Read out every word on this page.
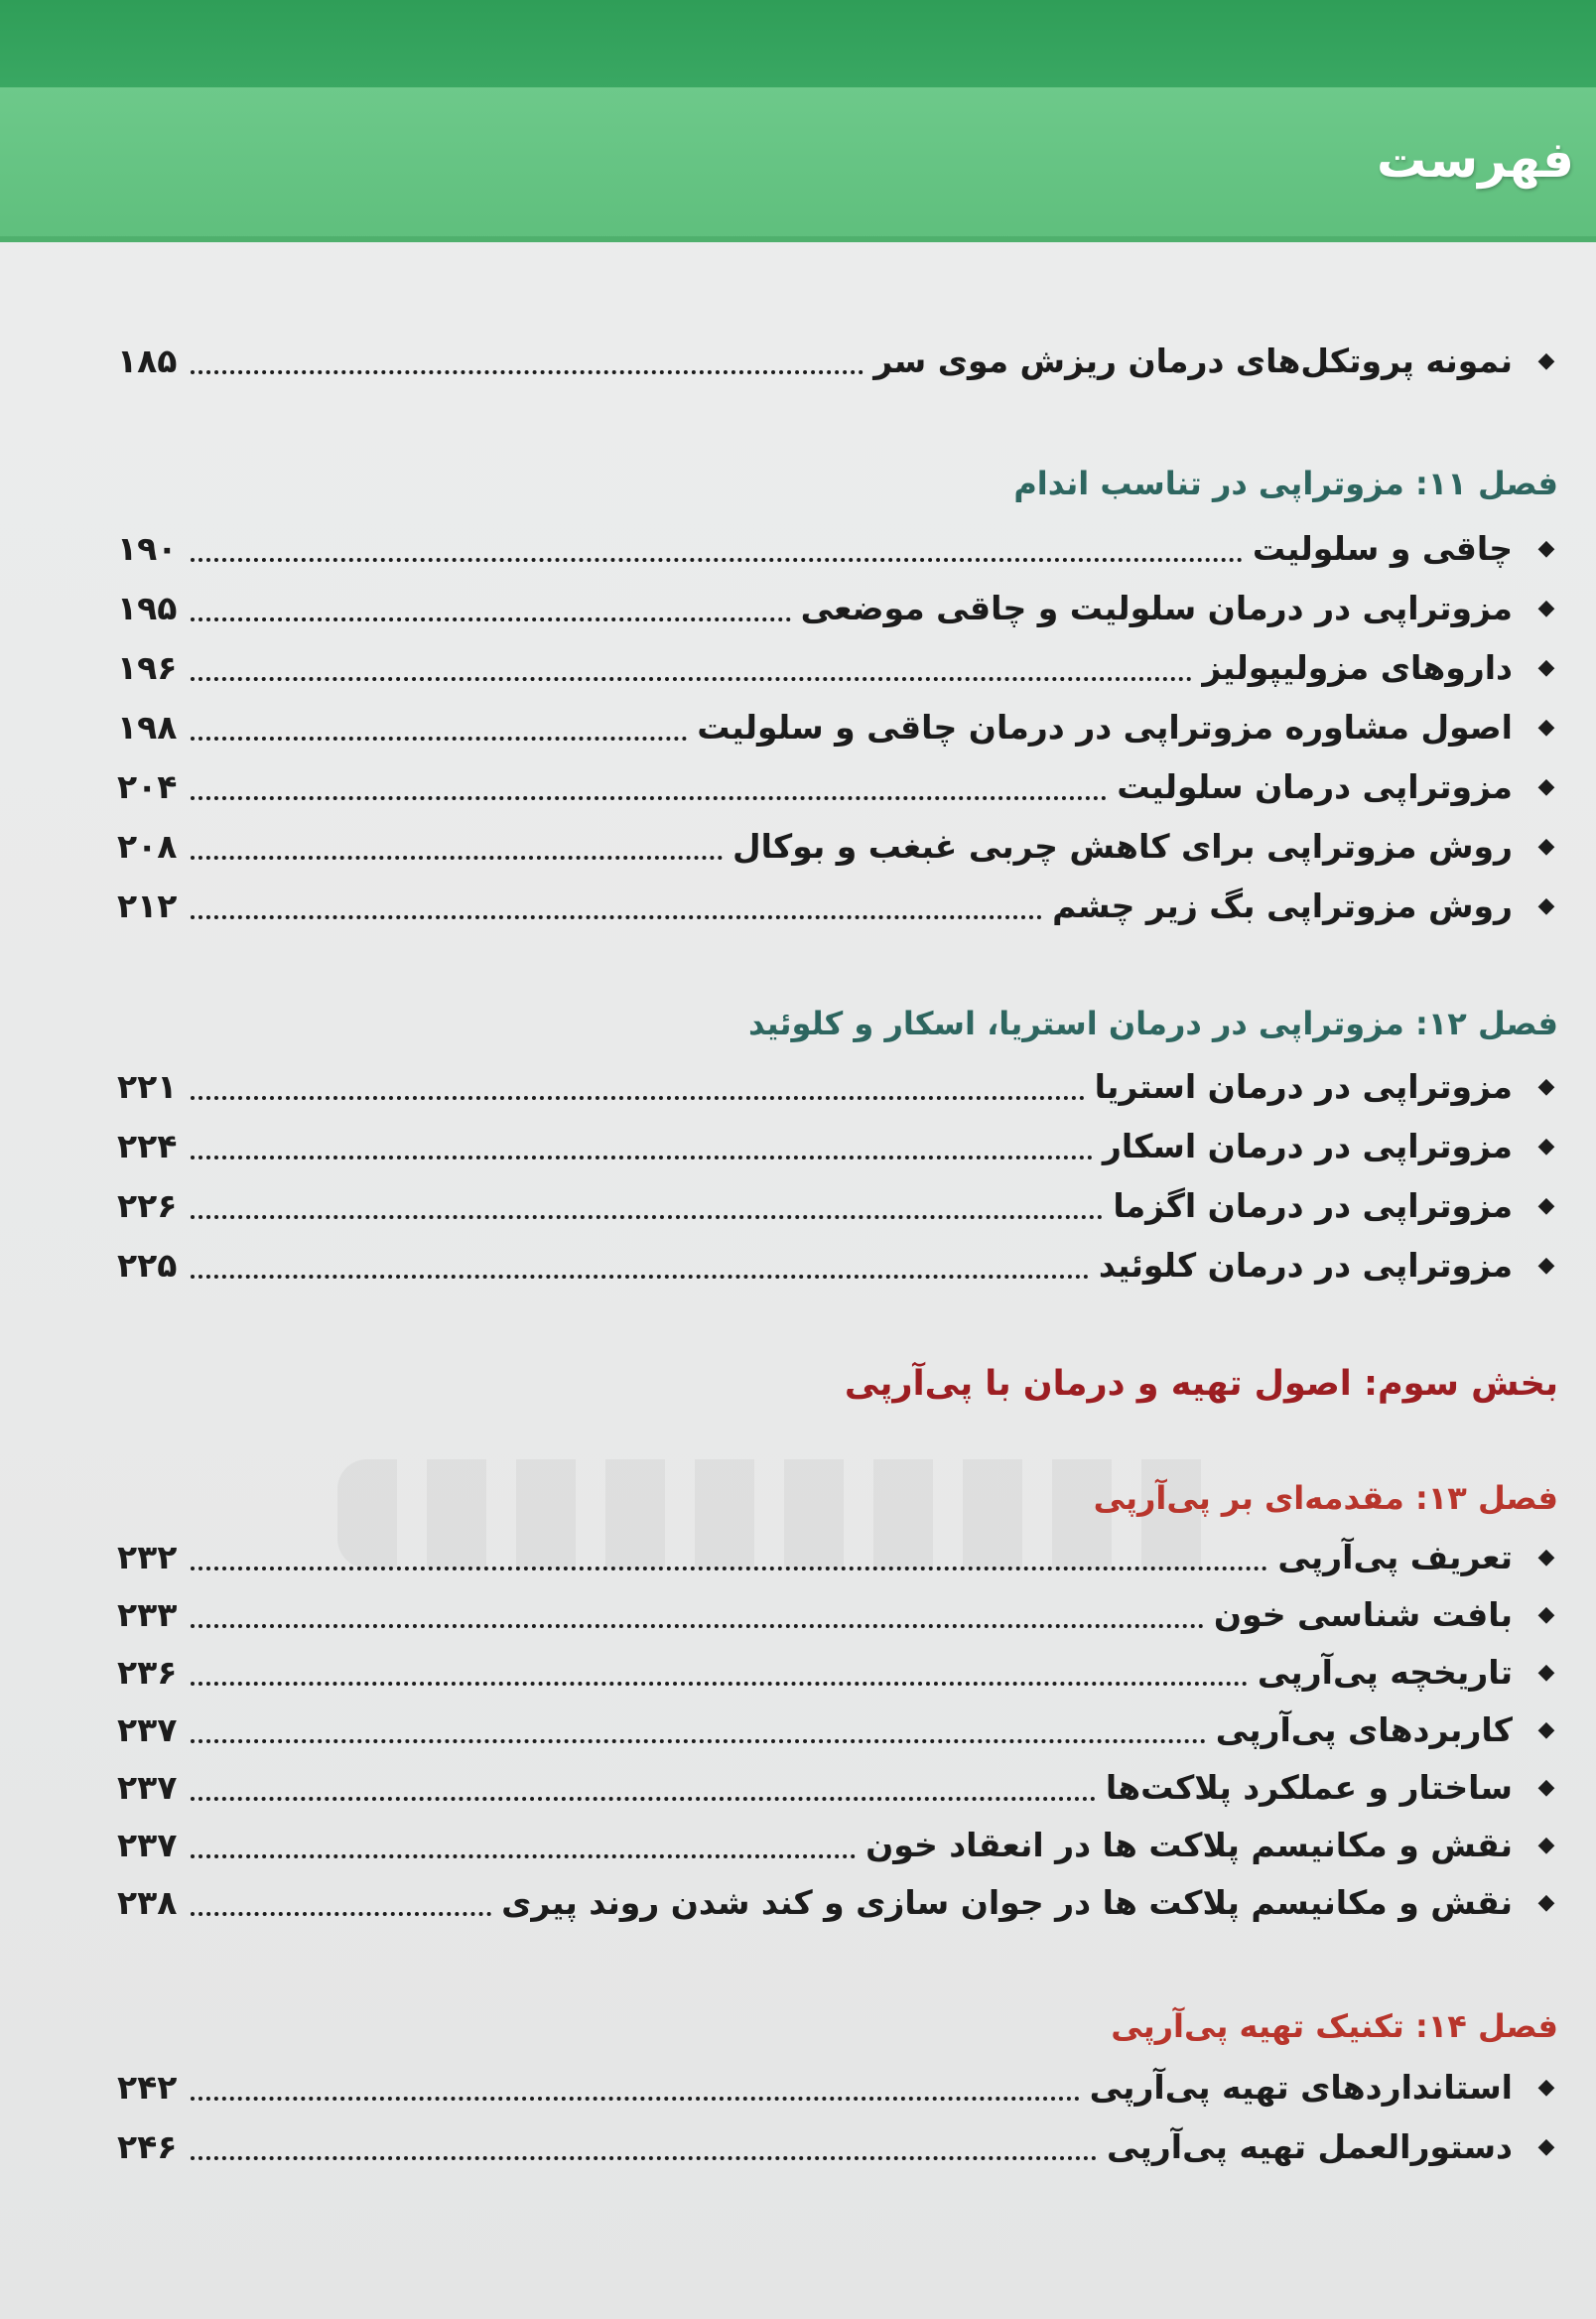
فهرست
◆
نمونه پروتکل‌های درمان ریزش موی سر
۱۸۵
فصل ۱۱: مزوتراپی در تناسب اندام
◆
چاقی و سلولیت
۱۹۰
◆
مزوتراپی در درمان سلولیت و چاقی موضعی
۱۹۵
◆
داروهای مزولیپولیز
۱۹۶
◆
اصول مشاوره مزوتراپی در درمان چاقی و سلولیت
۱۹۸
◆
مزوتراپی درمان سلولیت
۲۰۴
◆
روش مزوتراپی برای کاهش چربی غبغب و بوکال
۲۰۸
◆
روش مزوتراپی بگ زیر چشم
۲۱۲
فصل ۱۲: مزوتراپی در درمان استریا، اسکار و کلوئید
◆
مزوتراپی در درمان استریا
۲۲۱
◆
مزوتراپی در درمان اسکار
۲۲۴
◆
مزوتراپی در درمان اگزما
۲۲۶
◆
مزوتراپی در درمان کلوئید
۲۲۵
بخش سوم: اصول تهیه و درمان با پی‌آرپی
فصل ۱۳: مقدمه‌ای بر پی‌آرپی
◆
تعریف پی‌آرپی
۲۳۲
◆
بافت شناسی خون
۲۳۳
◆
تاریخچه پی‌آرپی
۲۳۶
◆
کاربردهای پی‌آرپی
۲۳۷
◆
ساختار و عملکرد پلاکت‌ها
۲۳۷
◆
نقش و مکانیسم پلاکت ها در انعقاد خون
۲۳۷
◆
نقش و مکانیسم پلاکت ها در جوان سازی و کند شدن روند پیری
۲۳۸
فصل ۱۴: تکنیک تهیه پی‌آرپی
◆
استانداردهای تهیه پی‌آرپی
۲۴۲
◆
دستورالعمل تهیه پی‌آرپی
۲۴۶
